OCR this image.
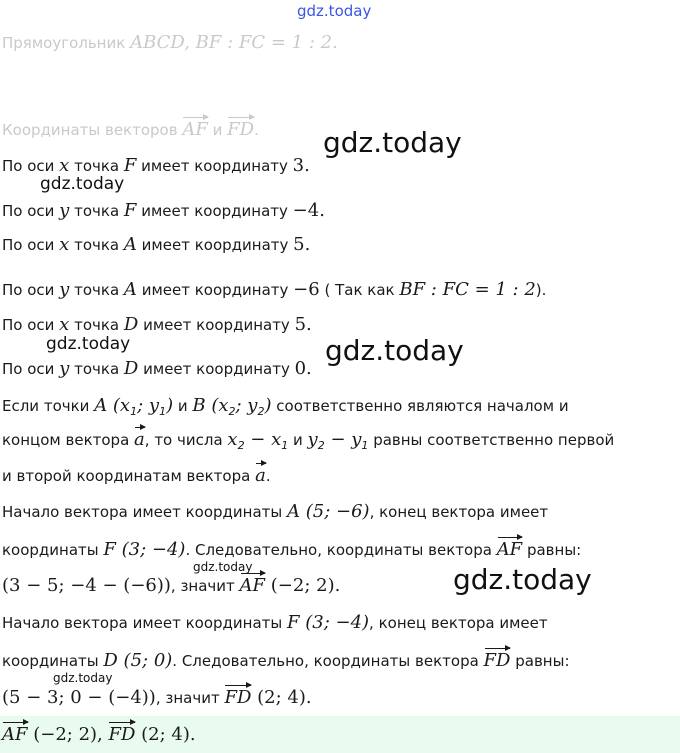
gdz.today
Прямоугольник ABCD, BF : FC = 1 : 2.
Координаты векторов AF и FD.
По оси x точка F имеет координату 3.
По оси y точка F имеет координату −4.
По оси x точка A имеет координату 5.
По оси y точка A имеет координату −6 ( Так как BF : FC = 1 : 2).
По оси x точка D имеет координату 5.
По оси y точка D имеет координату 0.
Если точки A ($x_1$; $y_1$) и B ($x_2$; $y_2$) соответственно являются началом и
концом вектора a, то числа $x_2 - x_1$ и $y_2 - y_1$ равны соответственно первой
и второй координатам вектора a.
Начало вектора имеет координаты A (5; −6), конец вектора имеет
координаты F (3; −4). Следовательно, координаты вектора AF равны:
(3 − 5; −4 − (−6)), значит AF (−2; 2).
Начало вектора имеет координаты F (3; −4), конец вектора имеет
координаты D (5; 0). Следовательно, координаты вектора FD равны:
(5 − 3; 0 − (−4)), значит FD (2; 4).
AF (−2; 2), FD (2; 4).
gdz.today
gdz.today
gdz.today	gdz.today
gdz.today	gdz.today
gdz.today
